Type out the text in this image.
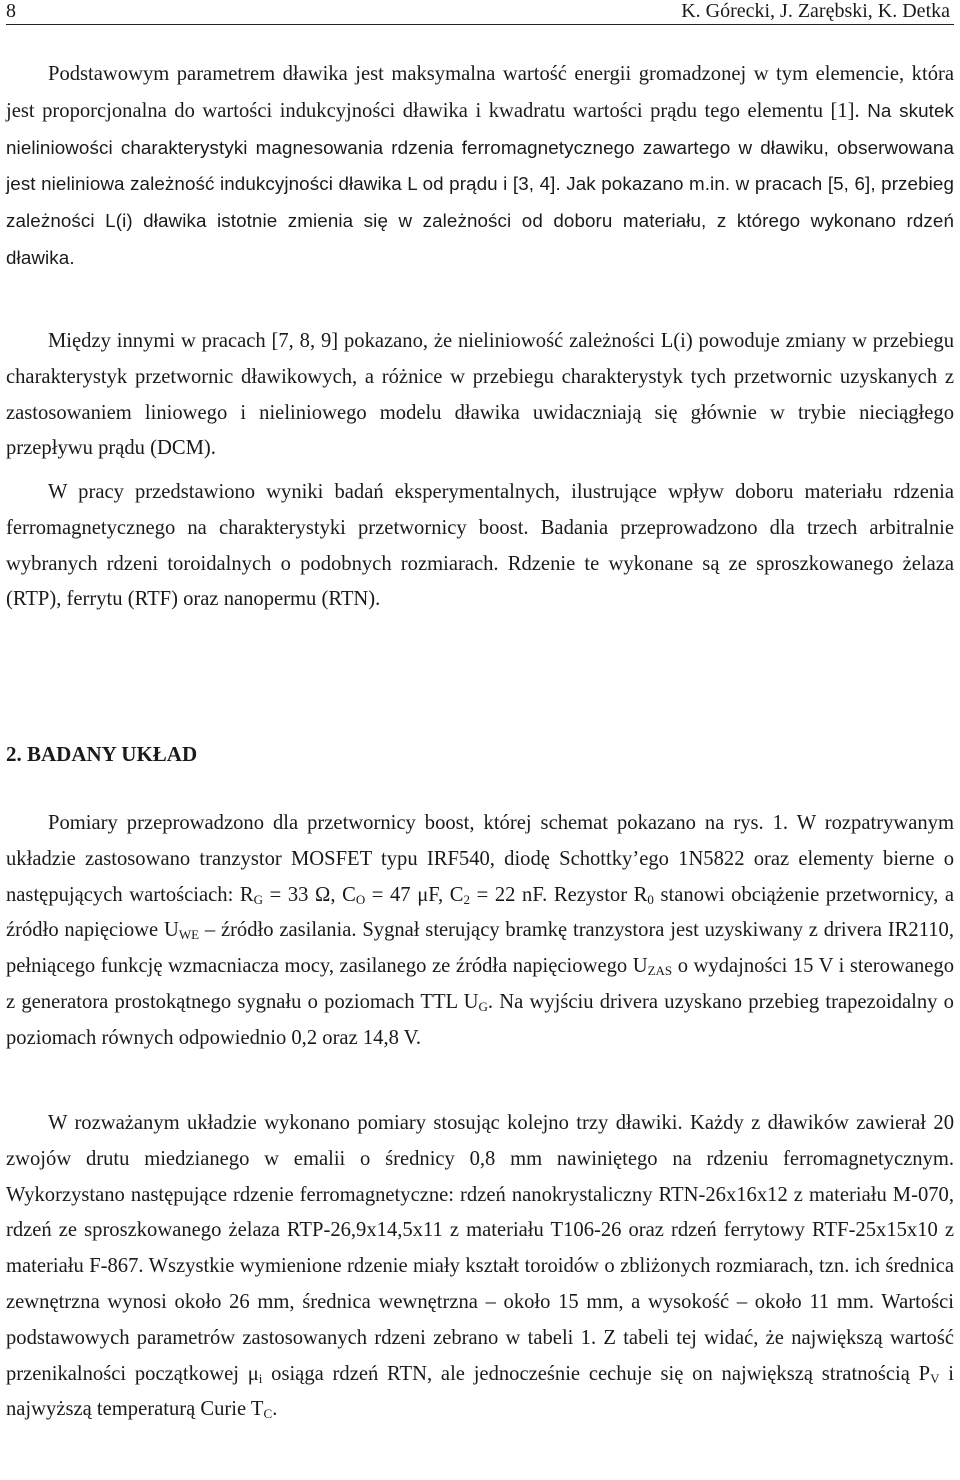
8	K. Górecki, J. Zarębski, K. Detka

Podstawowym parametrem dławika jest maksymalna wartość energii gromadzonej w tym elemencie, która jest proporcjonalna do wartości indukcyjności dławika i kwadratu wartości prądu tego elementu [1]. Na skutek nieliniowości charakterystyki magnesowania rdzenia ferromagnetycznego zawartego w dławiku, obserwowana jest nieliniowa zależność indukcyjności dławika L od prądu i [3, 4]. Jak pokazano m.in. w pracach [5, 6], przebieg zależności L(i) dławika istotnie zmienia się w zależności od doboru materiału, z którego wykonano rdzeń dławika.

Między innymi w pracach [7, 8, 9] pokazano, że nieliniowość zależności L(i) powoduje zmiany w przebiegu charakterystyk przetwornic dławikowych, a różnice w przebiegu charakterystyk tych przetwornic uzyskanych z zastosowaniem liniowego i nieliniowego modelu dławika uwidaczniają się głównie w trybie nieciągłego przepływu prądu (DCM).

W pracy przedstawiono wyniki badań eksperymentalnych, ilustrujące wpływ doboru materiału rdzenia ferromagnetycznego na charakterystyki przetwornicy boost. Badania przeprowadzono dla trzech arbitralnie wybranych rdzeni toroidalnych o podobnych rozmiarach. Rdzenie te wykonane są ze sproszkowanego żelaza (RTP), ferrytu (RTF) oraz nanopermu (RTN).

2. BADANY UKŁAD

Pomiary przeprowadzono dla przetwornicy boost, której schemat pokazano na rys. 1. W rozpatrywanym układzie zastosowano tranzystor MOSFET typu IRF540, diodę Schottky’ego 1N5822 oraz elementy bierne o następujących wartościach: $R_G = 33$ Ω, $C_O = 47$ μF, $C_2 = 22$ nF. Rezystor $R_0$ stanowi obciążenie przetwornicy, a źródło napięciowe $U_{WE}$ – źródło zasilania. Sygnał sterujący bramkę tranzystora jest uzyskiwany z drivera IR2110, pełniącego funkcję wzmacniacza mocy, zasilanego ze źródła napięciowego $U_{ZAS}$ o wydajności 15 V i sterowanego z generatora prostokątnego sygnału o poziomach TTL $U_G$. Na wyjściu drivera uzyskano przebieg trapezoidalny o poziomach równych odpowiednio 0,2 oraz 14,8 V.

W rozważanym układzie wykonano pomiary stosując kolejno trzy dławiki. Każdy z dławików zawierał 20 zwojów drutu miedzianego w emalii o średnicy 0,8 mm nawiniętego na rdzeniu ferromagnetycznym. Wykorzystano następujące rdzenie ferromagnetyczne: rdzeń nanokrystaliczny RTN-26x16x12 z materiału M-070, rdzeń ze sproszkowanego żelaza RTP-26,9x14,5x11 z materiału T106-26 oraz rdzeń ferrytowy RTF-25x15x10 z materiału F-867. Wszystkie wymienione rdzenie miały kształt toroidów o zbliżonych rozmiarach, tzn. ich średnica zewnętrzna wynosi około 26 mm, średnica wewnętrzna – około 15 mm, a wysokość – około 11 mm. Wartości podstawowych parametrów zastosowanych rdzeni zebrano w tabeli 1. Z tabeli tej widać, że największą wartość przenikalności początkowej $\mu_i$ osiąga rdzeń RTN, ale jednocześnie cechuje się on największą stratnością $P_V$ i najwyższą temperaturą Curie $T_C$.
